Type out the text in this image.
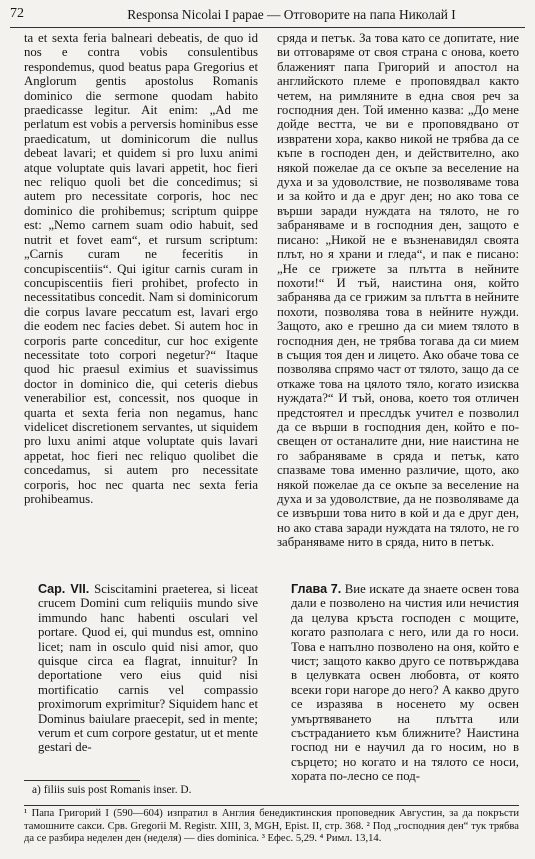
72	Responsa Nicolai I papae — Отговорите на папа Николай I

ta et sexta feria balneari debeatis, de quo id nos e contra vobis consulentibus respondemus, quod beatus papa Gregorius et Anglorum gentis apostolus Romanis dominico die sermone quodam habito praedicasse legitur. Ait enim: „Ad me perlatum est vobis a perversis hominibus esse praedicatum, ut dominicorum die nullus debeat lavari; et quidem si pro luxu animi atque voluptate quis lavari appetit, hoc fieri nec reliquo quoli bet die concedimus; si autem pro necessitate corporis, hoc nec dominico die prohibemus; scriptum quippe est: „Nemo carnem suam odio habuit, sed nutrit et fovet eam“, et rursum scriptum: „Carnis curam ne feceritis in concupiscentiis“. Qui igitur carnis curam in concupiscentiis fieri prohibet, profecto in necessitatibus concedit. Nam si dominicorum die corpus lavare peccatum est, lavari ergo die eodem nec facies debet. Si autem hoc in corporis parte conceditur, cur hoc exigente necessitate toto corpori negetur?“ Itaque quod hic praesul eximius et suavissimus doctor in dominico die, qui ceteris diebus venerabilior est, concessit, nos quoque in quarta et sexta feria non negamus, hanc videlicet discretionem servantes, ut siquidem pro luxu animi atque voluptate quis lavari appetat, hoc fieri nec reliquo quolibet die concedamus, si autem pro necessitate corporis, hoc nec quarta nec sexta feria prohibeamus.

сряда и петък. За това като се допитате, ние ви отговаряме от своя страна с онова, което блаженият папа Григорий и апостол на английското племе е проповядвал както четем, на римляните в една своя реч за господния ден. Той именно казва: „До мене дойде вестта, че ви е проповядвано от извратени хора, какво никой не трябва да се къпе в господен ден, и действително, ако някой пожелае да се окъпе за веселение на духа и за удоволствие, не позволяваме това и за който и да е друг ден; но ако това се върши заради нуждата на тялото, не го забраняваме и в господния ден, защото е писано: „Никой не е възненавидял своята плът, но я храни и гледа“, и пак е писано: „Не се грижете за плътта в нейните похоти!“ И тъй, наистина оня, който забранява да се грижим за плътта в нейните похоти, позволява това в нейните нужди. Защото, ако е грешно да си мием тялото в господния ден, не трябва тогава да си мием в същия тоя ден и лицето. Ако обаче това се позволява спрямо част от тялото, защо да се откаже това на цялото тяло, когато изисква нуждата?“ И тъй, онова, което тоя отличен предстоятел и преслдък учител е позволил да се върши в господния ден, който е по-свещен от останалите дни, ние наистина не го забраняваме в сряда и петък, като спазваме това именно различие, щото, ако някой пожелае да се окъпе за веселение на духа и за удоволствие, да не позволяваме да се извърши това нито в кой и да е друг ден, но ако става заради нуждата на тялото, не го забраняваме нито в сряда, нито в петък.

Cap. VII. Sciscitamini praeterea, si liceat crucem Domini cum reliquiis mundo sive immundo hanc habenti osculari vel portare. Quod ei, qui mundus est, omnino licet; nam in osculo quid nisi amor, quo quisque circa ea flagrat, innuitur? In deportatione vero eius quid nisi mortificatio carnis vel compassio proximorum exprimitur? Siquidem hanc et Dominus baiulare praecepit, sed in mente; verum et cum corpore gestatur, ut et mente gestari de-

Глава 7. Вие искате да знаете освен това дали е позволено на чистия или нечистия да целува кръста господен с мощите, когато разполага с него, или да го носи. Това е напълно позволено на оня, който е чист; защото какво друго се потвърждава в целувката освен любовта, от която всеки гори нагоре до него? А какво друго се изразява в носенето му освен умъртвяването на плътта или състраданието към ближните? Наистина господ ни е научил да го носим, но в сърцето; но когато и на тялото се носи, хората по-лесно се под-

a) filiis suis post Romanis inser. D.

¹ Папа Григорий I (590—604) изпратил в Англия бенедиктинския проповедник Августин, за да покръсти тамошните сакси. Срв. Gregorii M. Registr. XIII, 3, MGH, Epist. II, стр. 368. ² Под „господния ден“ тук трябва да се разбира неделен ден (неделя) — dies dominica. ³ Ефес. 5,29. ⁴ Римл. 13,14.
